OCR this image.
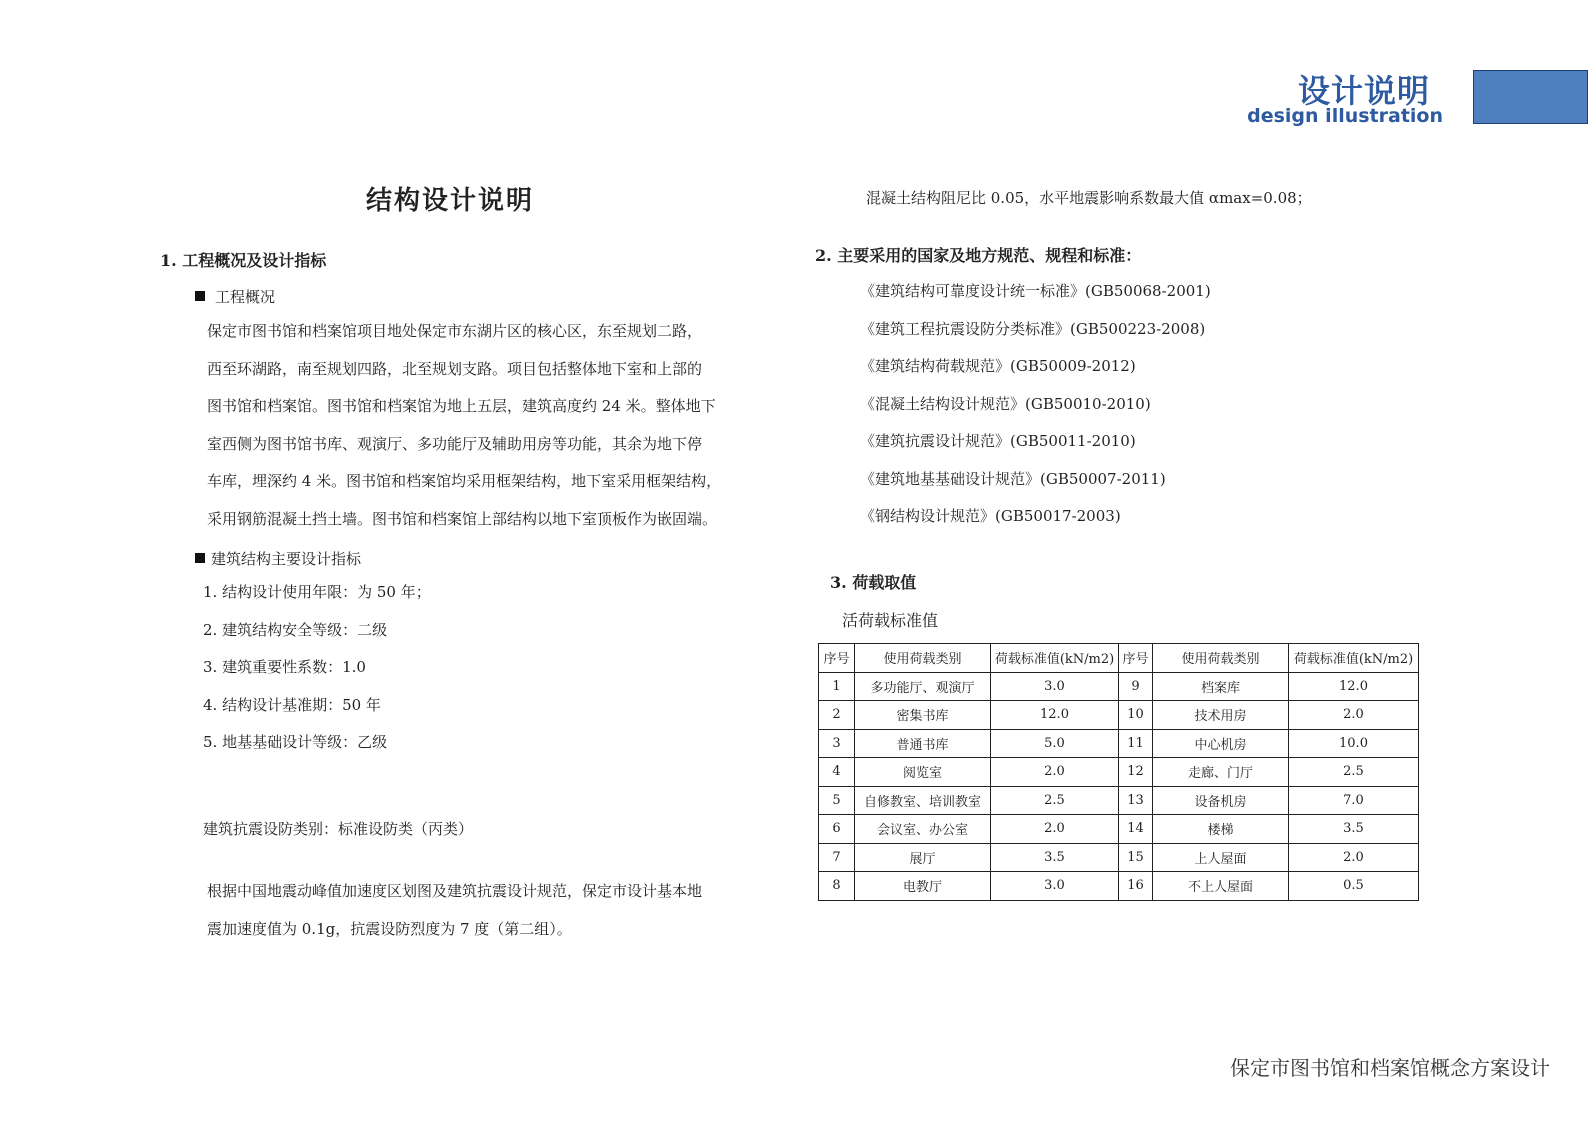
设计说明
design illustration
结构设计说明
1. 工程概况及设计指标
工程概况
保定市图书馆和档案馆项目地处保定市东湖片区的核心区，东至规划二路，
西至环湖路，南至规划四路，北至规划支路。项目包括整体地下室和上部的
图书馆和档案馆。图书馆和档案馆为地上五层，建筑高度约 24 米。整体地下
室西侧为图书馆书库、观演厅、多功能厅及辅助用房等功能，其余为地下停
车库，埋深约 4 米。图书馆和档案馆均采用框架结构，地下室采用框架结构，
采用钢筋混凝土挡土墙。图书馆和档案馆上部结构以地下室顶板作为嵌固端。
建筑结构主要设计指标
1. 结构设计使用年限：为 50 年；
2. 建筑结构安全等级：二级
3. 建筑重要性系数：1.0
4. 结构设计基准期：50 年
5. 地基基础设计等级：乙级
建筑抗震设防类别：标准设防类（丙类）
根据中国地震动峰值加速度区划图及建筑抗震设计规范，保定市设计基本地
震加速度值为 0.1g，抗震设防烈度为 7 度（第二组）。
混凝土结构阻尼比 0.05，水平地震影响系数最大值 αmax=0.08；
2. 主要采用的国家及地方规范、规程和标准：
《建筑结构可靠度设计统一标准》(GB50068-2001)
《建筑工程抗震设防分类标准》(GB500223-2008)
《建筑结构荷载规范》(GB50009-2012)
《混凝土结构设计规范》(GB50010-2010)
《建筑抗震设计规范》(GB50011-2010)
《建筑地基基础设计规范》(GB50007-2011)
《钢结构设计规范》(GB50017-2003)
3. 荷载取值
活荷载标准值
序号	使用荷载类别	荷载标准值(kN/m2)	序号	使用荷载类别	荷载标准值(kN/m2)
1	多功能厅、观演厅	3.0	9	档案库	12.0
2	密集书库	12.0	10	技术用房	2.0
3	普通书库	5.0	11	中心机房	10.0
4	阅览室	2.0	12	走廊、门厅	2.5
5	自修教室、培训教室	2.5	13	设备机房	7.0
6	会议室、办公室	2.0	14	楼梯	3.5
7	展厅	3.5	15	上人屋面	2.0
8	电教厅	3.0	16	不上人屋面	0.5
保定市图书馆和档案馆概念方案设计
